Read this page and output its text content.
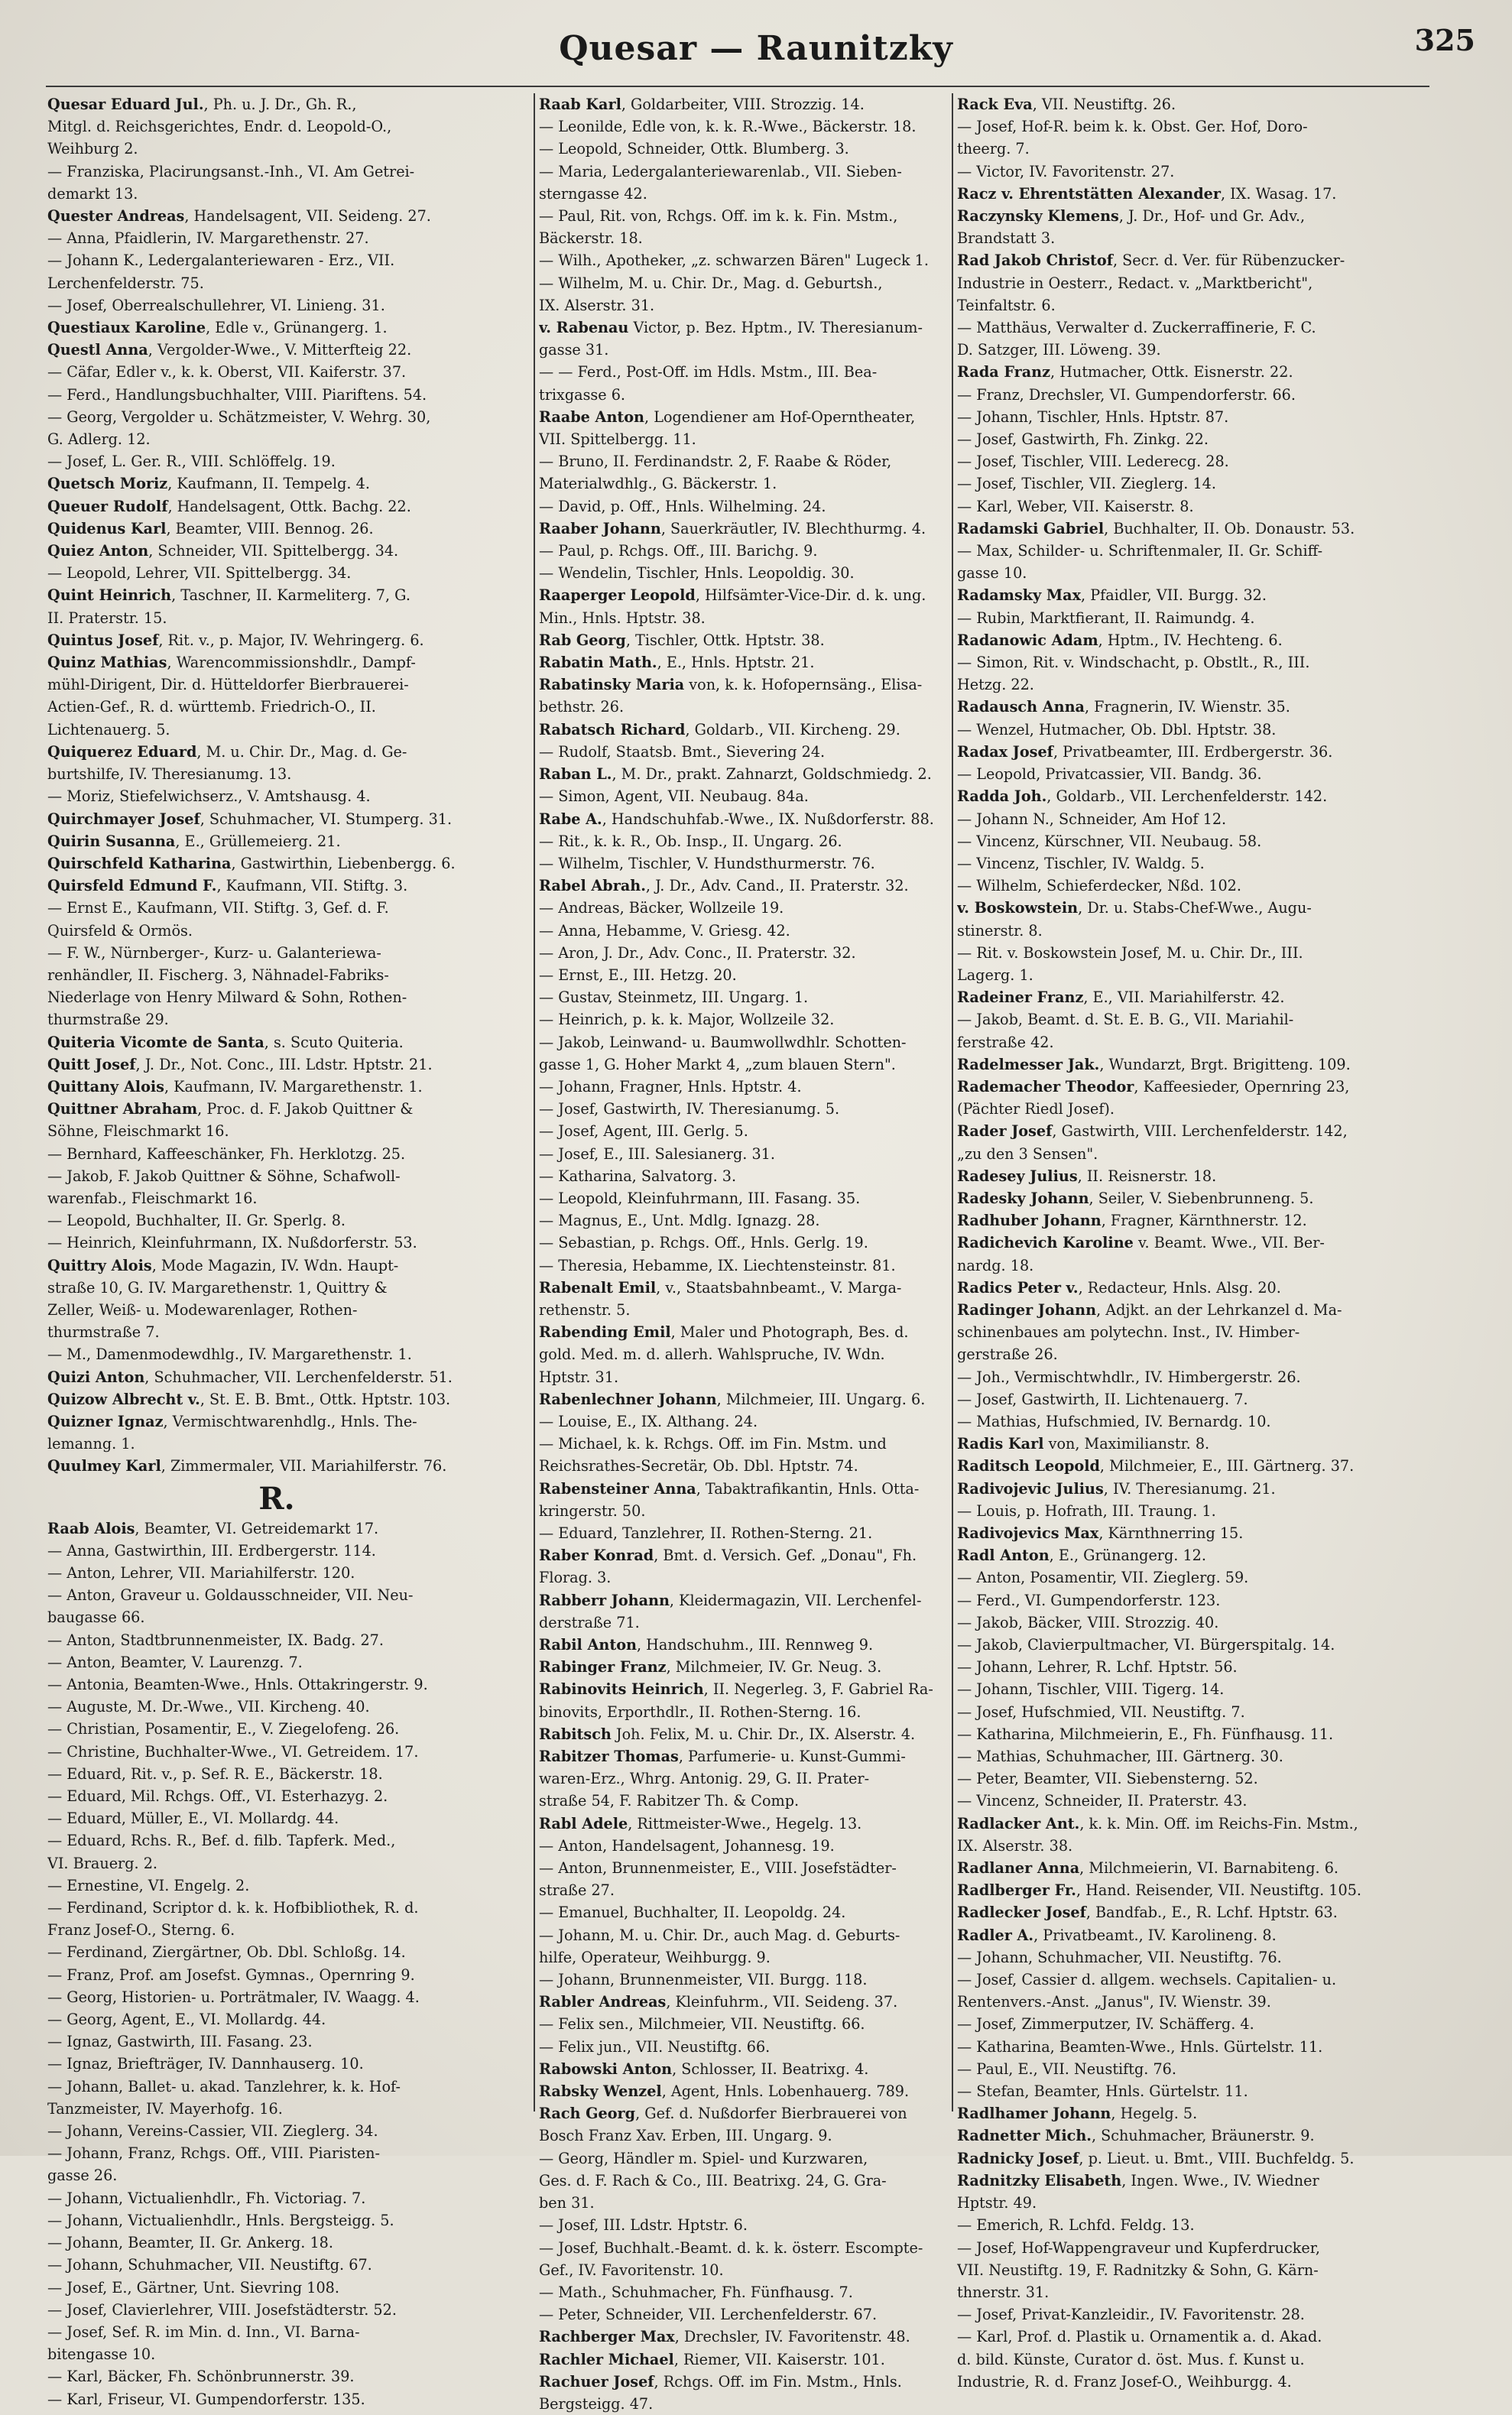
Quesar — Raunitzky	325
Quesar Eduard Jul., Ph. u. J. Dr., Gh. R.,
Mitgl. d. Reichsgerichtes, Endr. d. Leopold-O.,
Weihburg 2.
— Franziska, Placirungsanst.-Inh., VI. Am Getrei-
demarkt 13.
Quester Andreas, Handelsagent, VII. Seideng. 27.
— Anna, Pfaidlerin, IV. Margarethenstr. 27.
— Johann K., Ledergalanteriewaren - Erz., VII.
Lerchenfelderstr. 75.
— Josef, Oberrealschullehrer, VI. Linieng. 31.
Questiaux Karoline, Edle v., Grünangerg. 1.
Questl Anna, Vergolder-Wwe., V. Mitterfteig 22.
— Cäfar, Edler v., k. k. Oberst, VII. Kaiferstr. 37.
— Ferd., Handlungsbuchhalter, VIII. Piariftens. 54.
— Georg, Vergolder u. Schätzmeister, V. Wehrg. 30,
G. Adlerg. 12.
— Josef, L. Ger. R., VIII. Schlöffelg. 19.
Quetsch Moriz, Kaufmann, II. Tempelg. 4.
Queuer Rudolf, Handelsagent, Ottk. Bachg. 22.
Quidenus Karl, Beamter, VIII. Bennog. 26.
Quiez Anton, Schneider, VII. Spittelbergg. 34.
— Leopold, Lehrer, VII. Spittelbergg. 34.
Quint Heinrich, Taschner, II. Karmeliterg. 7, G.
II. Praterstr. 15.
Quintus Josef, Rit. v., p. Major, IV. Wehringerg. 6.
Quinz Mathias, Warencommissionshdlr., Dampf-
mühl-Dirigent, Dir. d. Hütteldorfer Bierbrauerei-
Actien-Gef., R. d. württemb. Friedrich-O., II.
Lichtenauerg. 5.
Quiquerez Eduard, M. u. Chir. Dr., Mag. d. Ge-
burtshilfe, IV. Theresianumg. 13.
— Moriz, Stiefelwichserz., V. Amtshausg. 4.
Quirchmayer Josef, Schuhmacher, VI. Stumperg. 31.
Quirin Susanna, E., Grüllemeierg. 21.
Quirschfeld Katharina, Gastwirthin, Liebenbergg. 6.
Quirsfeld Edmund F., Kaufmann, VII. Stiftg. 3.
— Ernst E., Kaufmann, VII. Stiftg. 3, Gef. d. F.
Quirsfeld & Ormös.
— F. W., Nürnberger-, Kurz- u. Galanteriewa-
renhändler, II. Fischerg. 3, Nähnadel-Fabriks-
Niederlage von Henry Milward & Sohn, Rothen-
thurmstraße 29.
Quiteria Vicomte de Santa, s. Scuto Quiteria.
Quitt Josef, J. Dr., Not. Conc., III. Ldstr. Hptstr. 21.
Quittany Alois, Kaufmann, IV. Margarethenstr. 1.
Quittner Abraham, Proc. d. F. Jakob Quittner &
Söhne, Fleischmarkt 16.
— Bernhard, Kaffeeschänker, Fh. Herklotzg. 25.
— Jakob, F. Jakob Quittner & Söhne, Schafwoll-
warenfab., Fleischmarkt 16.
— Leopold, Buchhalter, II. Gr. Sperlg. 8.
— Heinrich, Kleinfuhrmann, IX. Nußdorferstr. 53.
Quittry Alois, Mode Magazin, IV. Wdn. Haupt-
straße 10, G. IV. Margarethenstr. 1, Quittry &
Zeller, Weiß- u. Modewarenlager, Rothen-
thurmstraße 7.
— M., Damenmodewdhlg., IV. Margarethenstr. 1.
Quizi Anton, Schuhmacher, VII. Lerchenfelderstr. 51.
Quizow Albrecht v., St. E. B. Bmt., Ottk. Hptstr. 103.
Quizner Ignaz, Vermischtwarenhdlg., Hnls. The-
lemanng. 1.
Quulmey Karl, Zimmermaler, VII. Mariahilferstr. 76.
R.
Raab Alois, Beamter, VI. Getreidemarkt 17.
— Anna, Gastwirthin, III. Erdbergerstr. 114.
— Anton, Lehrer, VII. Mariahilferstr. 120.
— Anton, Graveur u. Goldausschneider, VII. Neu-
baugasse 66.
— Anton, Stadtbrunnenmeister, IX. Badg. 27.
— Anton, Beamter, V. Laurenzg. 7.
— Antonia, Beamten-Wwe., Hnls. Ottakringerstr. 9.
— Auguste, M. Dr.-Wwe., VII. Kircheng. 40.
— Christian, Posamentir, E., V. Ziegelofeng. 26.
— Christine, Buchhalter-Wwe., VI. Getreidem. 17.
— Eduard, Rit. v., p. Sef. R. E., Bäckerstr. 18.
— Eduard, Mil. Rchgs. Off., VI. Esterhazyg. 2.
— Eduard, Müller, E., VI. Mollardg. 44.
— Eduard, Rchs. R., Bef. d. filb. Tapferk. Med.,
VI. Brauerg. 2.
— Ernestine, VI. Engelg. 2.
— Ferdinand, Scriptor d. k. k. Hofbibliothek, R. d.
Franz Josef-O., Sterng. 6.
— Ferdinand, Ziergärtner, Ob. Dbl. Schloßg. 14.
— Franz, Prof. am Josefst. Gymnas., Opernring 9.
— Georg, Historien- u. Porträtmaler, IV. Waagg. 4.
— Georg, Agent, E., VI. Mollardg. 44.
— Ignaz, Gastwirth, III. Fasang. 23.
— Ignaz, Briefträger, IV. Dannhauserg. 10.
— Johann, Ballet- u. akad. Tanzlehrer, k. k. Hof-
Tanzmeister, IV. Mayerhofg. 16.
— Johann, Vereins-Cassier, VII. Zieglerg. 34.
— Johann, Franz, Rchgs. Off., VIII. Piaristen-
gasse 26.
— Johann, Victualienhdlr., Fh. Victoriag. 7.
— Johann, Victualienhdlr., Hnls. Bergsteigg. 5.
— Johann, Beamter, II. Gr. Ankerg. 18.
— Johann, Schuhmacher, VII. Neustiftg. 67.
— Josef, E., Gärtner, Unt. Sievring 108.
— Josef, Clavierlehrer, VIII. Josefstädterstr. 52.
— Josef, Sef. R. im Min. d. Inn., VI. Barna-
bitengasse 10.
— Karl, Bäcker, Fh. Schönbrunnerstr. 39.
— Karl, Friseur, VI. Gumpendorferstr. 135.
Raab Karl, Goldarbeiter, VIII. Strozzig. 14.
— Leonilde, Edle von, k. k. R.-Wwe., Bäckerstr. 18.
— Leopold, Schneider, Ottk. Blumberg. 3.
— Maria, Ledergalanteriewarenlab., VII. Sieben-
sterngasse 42.
— Paul, Rit. von, Rchgs. Off. im k. k. Fin. Mstm.,
Bäckerstr. 18.
— Wilh., Apotheker, „z. schwarzen Bären" Lugeck 1.
— Wilhelm, M. u. Chir. Dr., Mag. d. Geburtsh.,
IX. Alserstr. 31.
v. Rabenau Victor, p. Bez. Hptm., IV. Theresianum-
gasse 31.
— — Ferd., Post-Off. im Hdls. Mstm., III. Bea-
trixgasse 6.
Raabe Anton, Logendiener am Hof-Operntheater,
VII. Spittelbergg. 11.
— Bruno, II. Ferdinandstr. 2, F. Raabe & Röder,
Materialwdhlg., G. Bäckerstr. 1.
— David, p. Off., Hnls. Wilhelming. 24.
Raaber Johann, Sauerkräutler, IV. Blechthurmg. 4.
— Paul, p. Rchgs. Off., III. Barichg. 9.
— Wendelin, Tischler, Hnls. Leopoldig. 30.
Raaperger Leopold, Hilfsämter-Vice-Dir. d. k. ung.
Min., Hnls. Hptstr. 38.
Rab Georg, Tischler, Ottk. Hptstr. 38.
Rabatin Math., E., Hnls. Hptstr. 21.
Rabatinsky Maria von, k. k. Hofopernsäng., Elisa-
bethstr. 26.
Rabatsch Richard, Goldarb., VII. Kircheng. 29.
— Rudolf, Staatsb. Bmt., Sievering 24.
Raban L., M. Dr., prakt. Zahnarzt, Goldschmiedg. 2.
— Simon, Agent, VII. Neubaug. 84a.
Rabe A., Handschuhfab.-Wwe., IX. Nußdorferstr. 88.
— Rit., k. k. R., Ob. Insp., II. Ungarg. 26.
— Wilhelm, Tischler, V. Hundsthurmerstr. 76.
Rabel Abrah., J. Dr., Adv. Cand., II. Praterstr. 32.
— Andreas, Bäcker, Wollzeile 19.
— Anna, Hebamme, V. Griesg. 42.
— Aron, J. Dr., Adv. Conc., II. Praterstr. 32.
— Ernst, E., III. Hetzg. 20.
— Gustav, Steinmetz, III. Ungarg. 1.
— Heinrich, p. k. k. Major, Wollzeile 32.
— Jakob, Leinwand- u. Baumwollwdhlr. Schotten-
gasse 1, G. Hoher Markt 4, „zum blauen Stern".
— Johann, Fragner, Hnls. Hptstr. 4.
— Josef, Gastwirth, IV. Theresianumg. 5.
— Josef, Agent, III. Gerlg. 5.
— Josef, E., III. Salesianerg. 31.
— Katharina, Salvatorg. 3.
— Leopold, Kleinfuhrmann, III. Fasang. 35.
— Magnus, E., Unt. Mdlg. Ignazg. 28.
— Sebastian, p. Rchgs. Off., Hnls. Gerlg. 19.
— Theresia, Hebamme, IX. Liechtensteinstr. 81.
Rabenalt Emil, v., Staatsbahnbeamt., V. Marga-
rethenstr. 5.
Rabending Emil, Maler und Photograph, Bes. d.
gold. Med. m. d. allerh. Wahlspruche, IV. Wdn.
Hptstr. 31.
Rabenlechner Johann, Milchmeier, III. Ungarg. 6.
— Louise, E., IX. Althang. 24.
— Michael, k. k. Rchgs. Off. im Fin. Mstm. und
Reichsrathes-Secretär, Ob. Dbl. Hptstr. 74.
Rabensteiner Anna, Tabaktrafikantin, Hnls. Otta-
kringerstr. 50.
— Eduard, Tanzlehrer, II. Rothen-Sterng. 21.
Raber Konrad, Bmt. d. Versich. Gef. „Donau", Fh.
Florag. 3.
Rabberr Johann, Kleidermagazin, VII. Lerchenfel-
derstraße 71.
Rabil Anton, Handschuhm., III. Rennweg 9.
Rabinger Franz, Milchmeier, IV. Gr. Neug. 3.
Rabinovits Heinrich, II. Negerleg. 3, F. Gabriel Ra-
binovits, Erporthdlr., II. Rothen-Sterng. 16.
Rabitsch Joh. Felix, M. u. Chir. Dr., IX. Alserstr. 4.
Rabitzer Thomas, Parfumerie- u. Kunst-Gummi-
waren-Erz., Whrg. Antonig. 29, G. II. Prater-
straße 54, F. Rabitzer Th. & Comp.
Rabl Adele, Rittmeister-Wwe., Hegelg. 13.
— Anton, Handelsagent, Johannesg. 19.
— Anton, Brunnenmeister, E., VIII. Josefstädter-
straße 27.
— Emanuel, Buchhalter, II. Leopoldg. 24.
— Johann, M. u. Chir. Dr., auch Mag. d. Geburts-
hilfe, Operateur, Weihburgg. 9.
— Johann, Brunnenmeister, VII. Burgg. 118.
Rabler Andreas, Kleinfuhrm., VII. Seideng. 37.
— Felix sen., Milchmeier, VII. Neustiftg. 66.
— Felix jun., VII. Neustiftg. 66.
Rabowski Anton, Schlosser, II. Beatrixg. 4.
Rabsky Wenzel, Agent, Hnls. Lobenhauerg. 789.
Rach Georg, Gef. d. Nußdorfer Bierbrauerei von
Bosch Franz Xav. Erben, III. Ungarg. 9.
— Georg, Händler m. Spiel- und Kurzwaren,
Ges. d. F. Rach & Co., III. Beatrixg. 24, G. Gra-
ben 31.
— Josef, III. Ldstr. Hptstr. 6.
— Josef, Buchhalt.-Beamt. d. k. k. österr. Escompte-
Gef., IV. Favoritenstr. 10.
— Math., Schuhmacher, Fh. Fünfhausg. 7.
— Peter, Schneider, VII. Lerchenfelderstr. 67.
Rachberger Max, Drechsler, IV. Favoritenstr. 48.
Rachler Michael, Riemer, VII. Kaiserstr. 101.
Rachuer Josef, Rchgs. Off. im Fin. Mstm., Hnls.
Bergsteigg. 47.
Rack Eva, VII. Neustiftg. 26.
— Josef, Hof-R. beim k. k. Obst. Ger. Hof, Doro-
theerg. 7.
— Victor, IV. Favoritenstr. 27.
Racz v. Ehrentstätten Alexander, IX. Wasag. 17.
Raczynsky Klemens, J. Dr., Hof- und Gr. Adv.,
Brandstatt 3.
Rad Jakob Christof, Secr. d. Ver. für Rübenzucker-
Industrie in Oesterr., Redact. v. „Marktbericht",
Teinfaltstr. 6.
— Matthäus, Verwalter d. Zuckerraffinerie, F. C.
D. Satzger, III. Löweng. 39.
Rada Franz, Hutmacher, Ottk. Eisnerstr. 22.
— Franz, Drechsler, VI. Gumpendorferstr. 66.
— Johann, Tischler, Hnls. Hptstr. 87.
— Josef, Gastwirth, Fh. Zinkg. 22.
— Josef, Tischler, VIII. Lederecg. 28.
— Josef, Tischler, VII. Zieglerg. 14.
— Karl, Weber, VII. Kaiserstr. 8.
Radamski Gabriel, Buchhalter, II. Ob. Donaustr. 53.
— Max, Schilder- u. Schriftenmaler, II. Gr. Schiff-
gasse 10.
Radamsky Max, Pfaidler, VII. Burgg. 32.
— Rubin, Marktfierant, II. Raimundg. 4.
Radanowic Adam, Hptm., IV. Hechteng. 6.
— Simon, Rit. v. Windschacht, p. Obstlt., R., III.
Hetzg. 22.
Radausch Anna, Fragnerin, IV. Wienstr. 35.
— Wenzel, Hutmacher, Ob. Dbl. Hptstr. 38.
Radax Josef, Privatbeamter, III. Erdbergerstr. 36.
— Leopold, Privatcassier, VII. Bandg. 36.
Radda Joh., Goldarb., VII. Lerchenfelderstr. 142.
— Johann N., Schneider, Am Hof 12.
— Vincenz, Kürschner, VII. Neubaug. 58.
— Vincenz, Tischler, IV. Waldg. 5.
— Wilhelm, Schieferdecker, Nßd. 102.
v. Boskowstein, Dr. u. Stabs-Chef-Wwe., Augu-
stinerstr. 8.
— Rit. v. Boskowstein Josef, M. u. Chir. Dr., III.
Lagerg. 1.
Radeiner Franz, E., VII. Mariahilferstr. 42.
— Jakob, Beamt. d. St. E. B. G., VII. Mariahil-
ferstraße 42.
Radelmesser Jak., Wundarzt, Brgt. Brigitteng. 109.
Rademacher Theodor, Kaffeesieder, Opernring 23,
(Pächter Riedl Josef).
Rader Josef, Gastwirth, VIII. Lerchenfelderstr. 142,
„zu den 3 Sensen".
Radesey Julius, II. Reisnerstr. 18.
Radesky Johann, Seiler, V. Siebenbrunneng. 5.
Radhuber Johann, Fragner, Kärnthnerstr. 12.
Radichevich Karoline v. Beamt. Wwe., VII. Ber-
nardg. 18.
Radics Peter v., Redacteur, Hnls. Alsg. 20.
Radinger Johann, Adjkt. an der Lehrkanzel d. Ma-
schinenbaues am polytechn. Inst., IV. Himber-
gerstraße 26.
— Joh., Vermischtwhdlr., IV. Himbergerstr. 26.
— Josef, Gastwirth, II. Lichtenauerg. 7.
— Mathias, Hufschmied, IV. Bernardg. 10.
Radis Karl von, Maximilianstr. 8.
Raditsch Leopold, Milchmeier, E., III. Gärtnerg. 37.
Radivojevic Julius, IV. Theresianumg. 21.
— Louis, p. Hofrath, III. Traung. 1.
Radivojevics Max, Kärnthnerring 15.
Radl Anton, E., Grünangerg. 12.
— Anton, Posamentir, VII. Zieglerg. 59.
— Ferd., VI. Gumpendorferstr. 123.
— Jakob, Bäcker, VIII. Strozzig. 40.
— Jakob, Clavierpultmacher, VI. Bürgerspitalg. 14.
— Johann, Lehrer, R. Lchf. Hptstr. 56.
— Johann, Tischler, VIII. Tigerg. 14.
— Josef, Hufschmied, VII. Neustiftg. 7.
— Katharina, Milchmeierin, E., Fh. Fünfhausg. 11.
— Mathias, Schuhmacher, III. Gärtnerg. 30.
— Peter, Beamter, VII. Siebensterng. 52.
— Vincenz, Schneider, II. Praterstr. 43.
Radlacker Ant., k. k. Min. Off. im Reichs-Fin. Mstm.,
IX. Alserstr. 38.
Radlaner Anna, Milchmeierin, VI. Barnabiteng. 6.
Radlberger Fr., Hand. Reisender, VII. Neustiftg. 105.
Radlecker Josef, Bandfab., E., R. Lchf. Hptstr. 63.
Radler A., Privatbeamt., IV. Karolineng. 8.
— Johann, Schuhmacher, VII. Neustiftg. 76.
— Josef, Cassier d. allgem. wechsels. Capitalien- u.
Rentenvers.-Anst. „Janus", IV. Wienstr. 39.
— Josef, Zimmerputzer, IV. Schäfferg. 4.
— Katharina, Beamten-Wwe., Hnls. Gürtelstr. 11.
— Paul, E., VII. Neustiftg. 76.
— Stefan, Beamter, Hnls. Gürtelstr. 11.
Radlhamer Johann, Hegelg. 5.
Radnetter Mich., Schuhmacher, Bräunerstr. 9.
Radnicky Josef, p. Lieut. u. Bmt., VIII. Buchfeldg. 5.
Radnitzky Elisabeth, Ingen. Wwe., IV. Wiedner
Hptstr. 49.
— Emerich, R. Lchfd. Feldg. 13.
— Josef, Hof-Wappengraveur und Kupferdrucker,
VII. Neustiftg. 19, F. Radnitzky & Sohn, G. Kärn-
thnerstr. 31.
— Josef, Privat-Kanzleidir., IV. Favoritenstr. 28.
— Karl, Prof. d. Plastik u. Ornamentik a. d. Akad.
d. bild. Künste, Curator d. öst. Mus. f. Kunst u.
Industrie, R. d. Franz Josef-O., Weihburgg. 4.
